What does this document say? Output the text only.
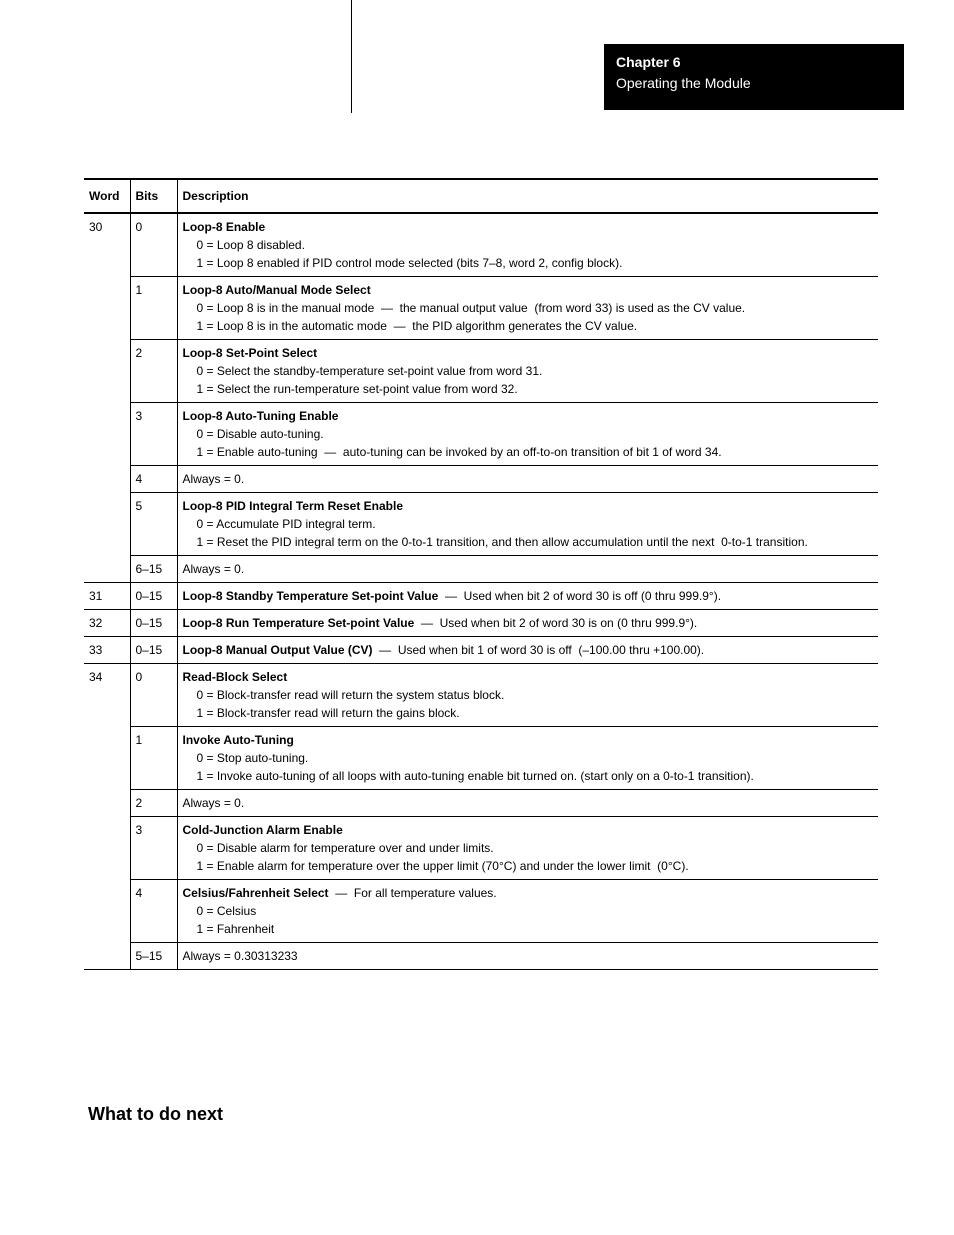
Chapter 6
Operating the Module
Word	Bits	Description
30	0	Loop-8 Enable
0 = Loop 8 disabled.
1 = Loop 8 enabled if PID control mode selected (bits 7–8, word 2, config block).

	1	Loop-8 Auto/Manual Mode Select
0 = Loop 8 is in the manual mode  —  the manual output value  (from word 33) is used as the CV value.
1 = Loop 8 is in the automatic mode  —  the PID algorithm generates the CV value.

	2	Loop-8 Set-Point Select
0 = Select the standby-temperature set-point value from word 31.
1 = Select the run-temperature set-point value from word 32.

	3	Loop-8 Auto-Tuning Enable
0 = Disable auto-tuning.
1 = Enable auto-tuning  —  auto-tuning can be invoked by an off-to-on transition of bit 1 of word 34.

	4	Always = 0.

	5	Loop-8 PID Integral Term Reset Enable
0 = Accumulate PID integral term.
1 = Reset the PID integral term on the 0-to-1 transition, and then allow accumulation until the next  0-to-1 transition.

	6–15	Always = 0.

31	0–15	Loop-8 Standby Temperature Set-point Value  —  Used when bit 2 of word 30 is off (0 thru 999.9°).

32	0–15	Loop-8 Run Temperature Set-point Value  —  Used when bit 2 of word 30 is on (0 thru 999.9°).

33	0–15	Loop-8 Manual Output Value (CV)  —  Used when bit 1 of word 30 is off  (–100.00 thru +100.00).

34	0	Read-Block Select
0 = Block-transfer read will return the system status block.
1 = Block-transfer read will return the gains block.

	1	Invoke Auto-Tuning
0 = Stop auto-tuning.
1 = Invoke auto-tuning of all loops with auto-tuning enable bit turned on. (start only on a 0-to-1 transition).

	2	Always = 0.

	3	Cold-Junction Alarm Enable
0 = Disable alarm for temperature over and under limits.
1 = Enable alarm for temperature over the upper limit (70°C) and under the lower limit  (0°C).

	4	Celsius/Fahrenheit Select  —  For all temperature values.
0 = Celsius
1 = Fahrenheit

	5–15	Always = 0.30313233
What to do next
